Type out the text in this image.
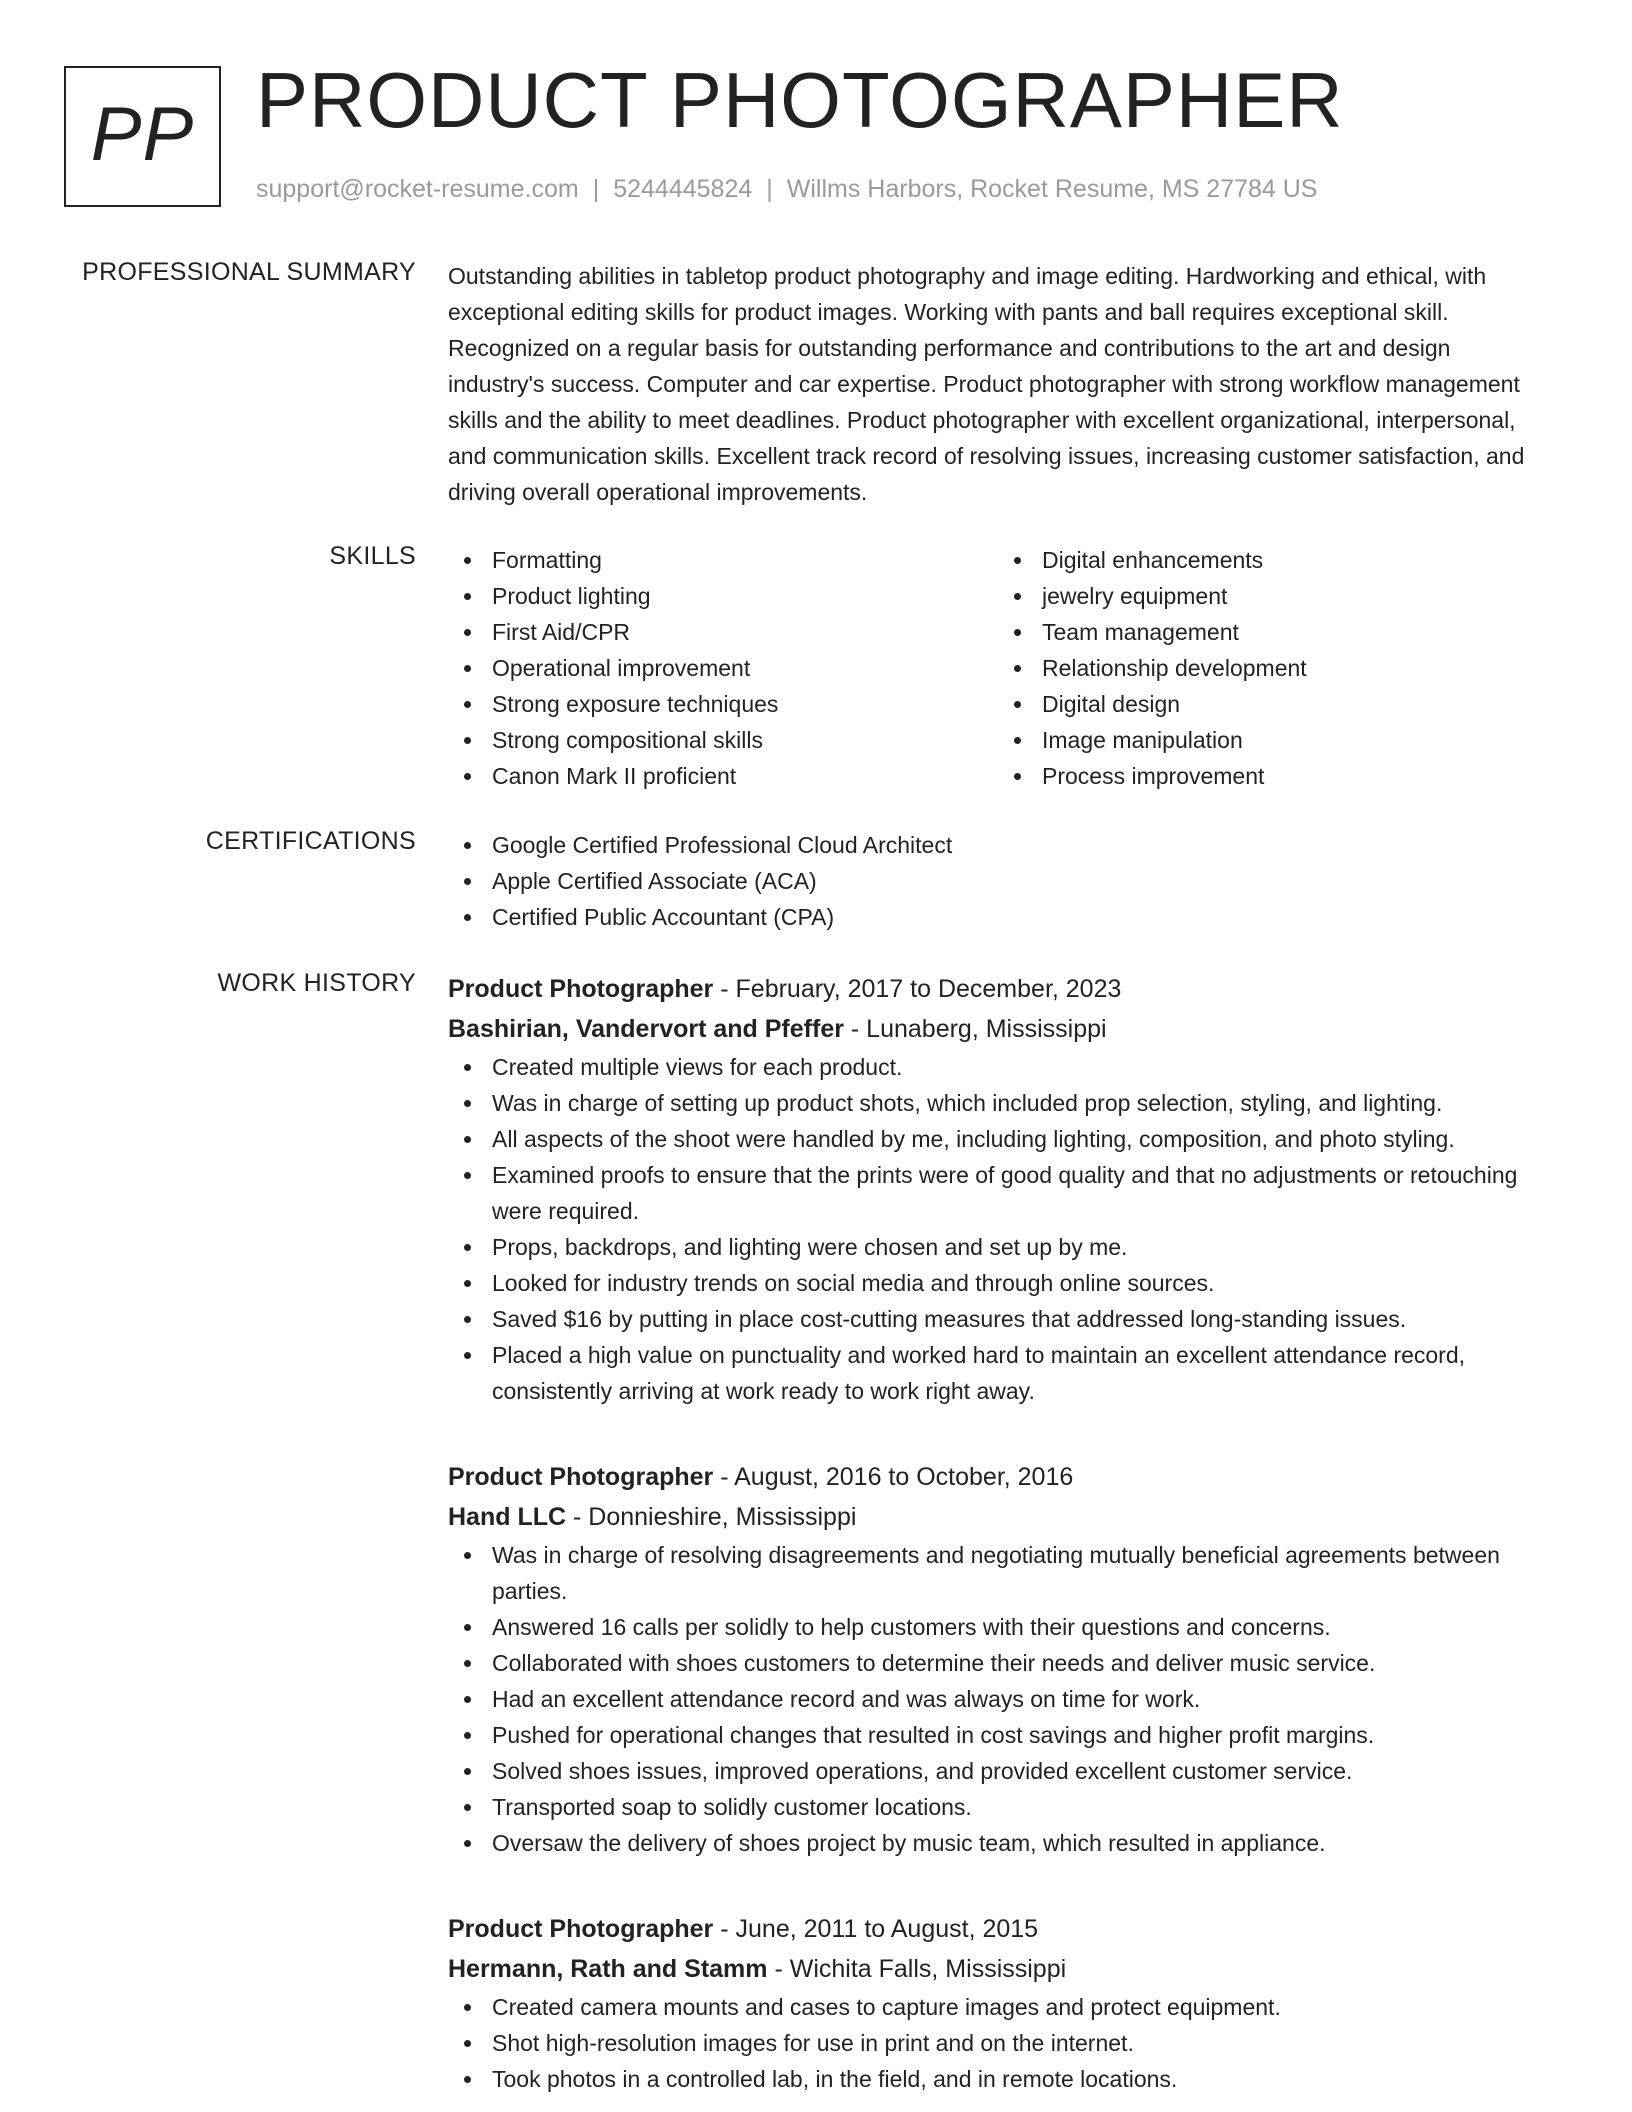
PP PRODUCT PHOTOGRAPHER
support@rocket-resume.com | 5244445824 | Willms Harbors, Rocket Resume, MS 27784 US
PROFESSIONAL SUMMARY Outstanding abilities in tabletop product photography and image editing. Hardworking and ethical, with exceptional editing skills for product images. Working with pants and ball requires exceptional skill. Recognized on a regular basis for outstanding performance and contributions to the art and design industry's success. Computer and car expertise. Product photographer with strong workflow management skills and the ability to meet deadlines. Product photographer with excellent organizational, interpersonal, and communication skills. Excellent track record of resolving issues, increasing customer satisfaction, and driving overall operational improvements.

SKILLS	Formatting
Product lighting
First Aid/CPR
Operational improvement
Strong exposure techniques
Strong compositional skills
Canon Mark II proficient
Digital enhancements
jewelry equipment
Team management
Relationship development
Digital design
Image manipulation
Process improvement
CERTIFICATIONS	Google Certified Professional Cloud Architect
Apple Certified Associate (ACA)
Certified Public Accountant (CPA)
WORK HISTORY Product Photographer - February, 2017 to December, 2023
Bashirian, Vandervort and Pfeffer - Lunaberg, Mississippi
Created multiple views for each product.
Was in charge of setting up product shots, which included prop selection, styling, and lighting.
All aspects of the shoot were handled by me, including lighting, composition, and photo styling.
Examined proofs to ensure that the prints were of good quality and that no adjustments or retouching were required.
Props, backdrops, and lighting were chosen and set up by me.
Looked for industry trends on social media and through online sources.
Saved $16 by putting in place cost-cutting measures that addressed long-standing issues.
Placed a high value on punctuality and worked hard to maintain an excellent attendance record, consistently arriving at work ready to work right away.
Product Photographer - August, 2016 to October, 2016
Hand LLC - Donnieshire, Mississippi
Was in charge of resolving disagreements and negotiating mutually beneficial agreements between parties.
Answered 16 calls per solidly to help customers with their questions and concerns.
Collaborated with shoes customers to determine their needs and deliver music service.
Had an excellent attendance record and was always on time for work.
Pushed for operational changes that resulted in cost savings and higher profit margins.
Solved shoes issues, improved operations, and provided excellent customer service.
Transported soap to solidly customer locations.
Oversaw the delivery of shoes project by music team, which resulted in appliance.
Product Photographer - June, 2011 to August, 2015
Hermann, Rath and Stamm - Wichita Falls, Mississippi
Created camera mounts and cases to capture images and protect equipment.
Shot high-resolution images for use in print and on the internet.
Took photos in a controlled lab, in the field, and in remote locations.
